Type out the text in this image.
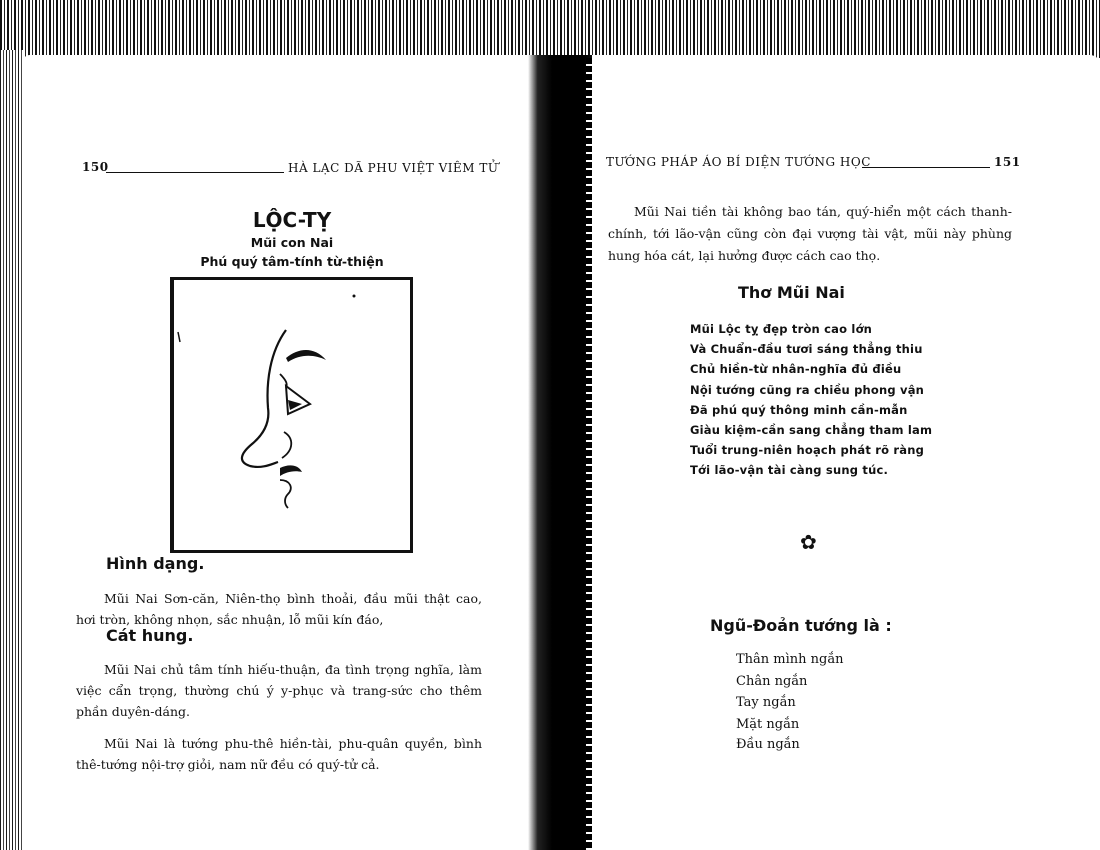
150	HÀ LẠC DÃ PHU VIỆT VIÊM TỬ
LỘC-TỴ
Mũi con Nai
Phú quý tâm-tính từ-thiện
Hình dạng.

Mũi Nai Sơn-căn, Niên-thọ bình thoải, đầu mũi thật cao, hơi tròn, không nhọn, sắc nhuận, lỗ mũi kín đáo,

Cát hung.

Mũi Nai chủ tâm tính hiếu-thuận, đa tình trọng nghĩa, làm việc cẩn trọng, thường chú ý y-phục và trang-sức cho thêm phần duyên-dáng.

Mũi Nai là tướng phu-thê hiền-tài, phu-quân quyền, bình thê-tướng nội-trợ giỏi, nam nữ đều có quý-tử cả.

TƯỚNG PHÁP ÁO BÍ DIỆN TƯỚNG HỌC	151

Mũi Nai tiền tài không bao tán, quý-hiển một cách thanh-chính, tới lão-vận cũng còn đại vượng tài vật, mũi này phùng hung hóa cát, lại hưởng được cách cao thọ.

Thơ Mũi Nai
Mũi Lộc tỵ đẹp tròn cao lớn
Và Chuẩn-đầu tươi sáng thẳng thiu
Chủ hiền-từ nhân-nghĩa đủ điều
Nội tướng cũng ra chiều phong vận
Đã phú quý thông minh cần-mẫn
Giàu kiệm-cần sang chẳng tham lam
Tuổi trung-niên hoạch phát rõ ràng
Tới lão-vận tài càng sung túc.
✿
Ngũ-Đoản tướng là :
Thân mình ngắn
Chân ngắn
Tay ngắn
Mặt ngắn
Đầu ngắn
